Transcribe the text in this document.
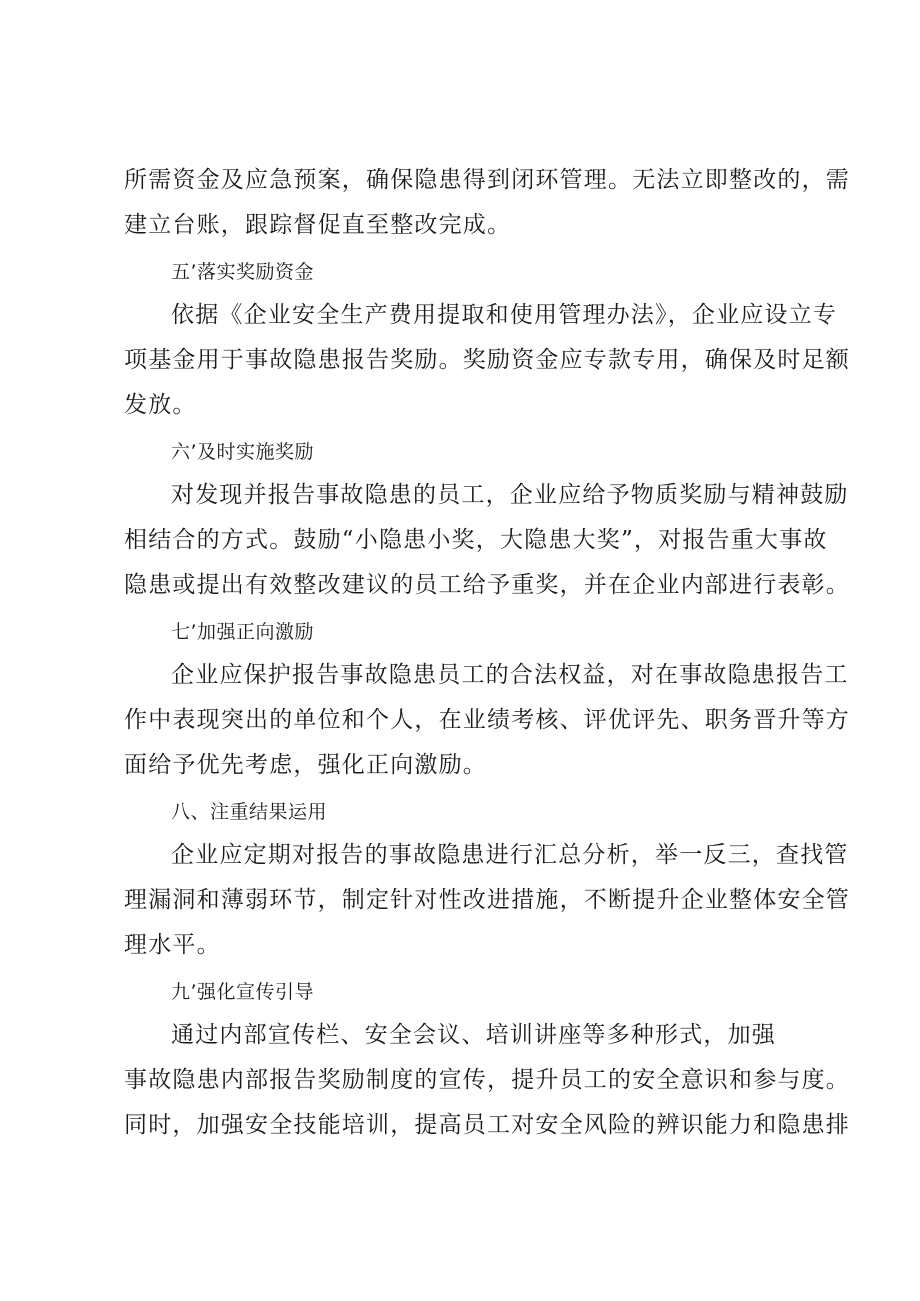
所需资金及应急预案，确保隐患得到闭环管理。无法立即整改的，需
建立台账，跟踪督促直至整改完成。
五’落实奖励资金
依据《企业安全生产费用提取和使用管理办法》，企业应设立专
项基金用于事故隐患报告奖励。奖励资金应专款专用，确保及时足额
发放。
六’及时实施奖励
对发现并报告事故隐患的员工，企业应给予物质奖励与精神鼓励
相结合的方式。鼓励“小隐患小奖，大隐患大奖”，对报告重大事故
隐患或提出有效整改建议的员工给予重奖，并在企业内部进行表彰。
七’加强正向激励
企业应保护报告事故隐患员工的合法权益，对在事故隐患报告工
作中表现突出的单位和个人，在业绩考核、评优评先、职务晋升等方
面给予优先考虑，强化正向激励。
八、注重结果运用
企业应定期对报告的事故隐患进行汇总分析，举一反三，查找管
理漏洞和薄弱环节，制定针对性改进措施，不断提升企业整体安全管
理水平。
九’强化宣传引导
通过内部宣传栏、安全会议、培训讲座等多种形式，加强
事故隐患内部报告奖励制度的宣传，提升员工的安全意识和参与度。
同时，加强安全技能培训，提高员工对安全风险的辨识能力和隐患排
